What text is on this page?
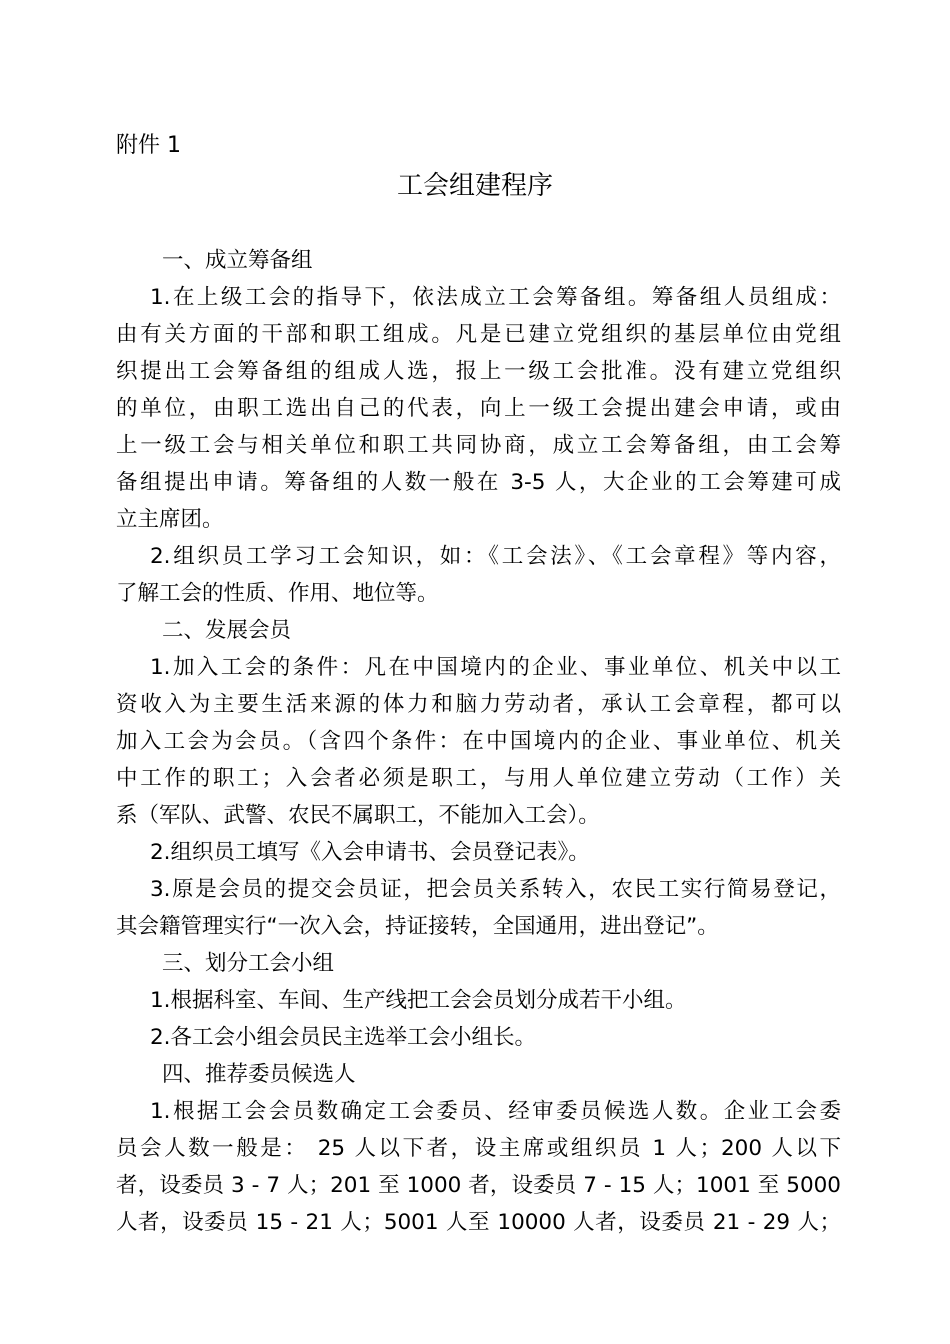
附件 1
工会组建程序
一、成立筹备组
1.在上级工会的指导下，依法成立工会筹备组。筹备组人员组成：
由有关方面的干部和职工组成。凡是已建立党组织的基层单位由党组
织提出工会筹备组的组成人选，报上一级工会批准。没有建立党组织
的单位，由职工选出自己的代表，向上一级工会提出建会申请，或由
上一级工会与相关单位和职工共同协商，成立工会筹备组，由工会筹
备组提出申请。筹备组的人数一般在 3-5 人，大企业的工会筹建可成
立主席团。
2.组织员工学习工会知识，如：《工会法》、《工会章程》等内容，
了解工会的性质、作用、地位等。
二、发展会员
1.加入工会的条件：凡在中国境内的企业、事业单位、机关中以工
资收入为主要生活来源的体力和脑力劳动者，承认工会章程，都可以
加入工会为会员。（含四个条件：在中国境内的企业、事业单位、机关
中工作的职工；入会者必须是职工，与用人单位建立劳动（工作）关
系（军队、武警、农民不属职工，不能加入工会）。
2.组织员工填写《入会申请书、会员登记表》。
3.原是会员的提交会员证，把会员关系转入，农民工实行简易登记，
其会籍管理实行“一次入会，持证接转，全国通用，进出登记”。
三、划分工会小组
1.根据科室、车间、生产线把工会会员划分成若干小组。
2.各工会小组会员民主选举工会小组长。
四、推荐委员候选人
1.根据工会会员数确定工会委员、经审委员候选人数。企业工会委
员会人数一般是： 25 人以下者，设主席或组织员 1 人；200 人以下
者，设委员 3 - 7 人；201 至 1000 者，设委员 7 - 15 人；1001 至 5000
人者，设委员 15 - 21 人；5001 人至 10000 人者，设委员 21 - 29 人；
